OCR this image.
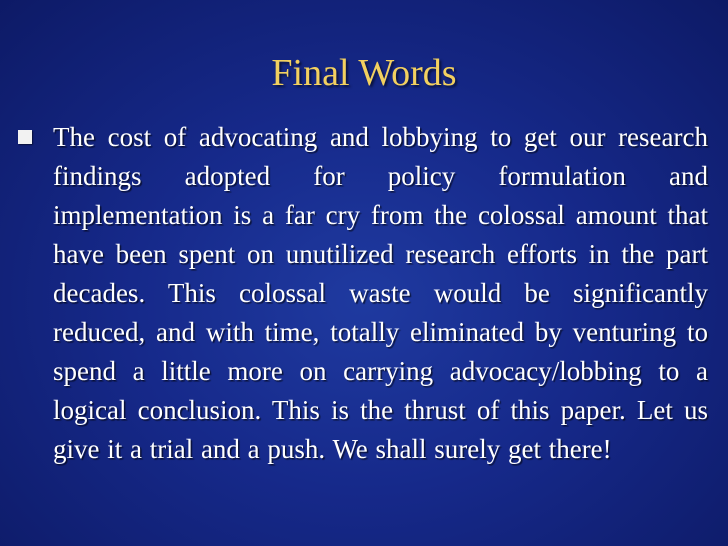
Final Words
The cost of advocating and lobbying to get our research findings adopted for policy formulation and implementation is a far cry from the colossal amount that have been spent on unutilized research efforts in the part decades. This colossal waste would be significantly reduced, and with time, totally eliminated by venturing to spend a little more on carrying advocacy/lobbing to a logical conclusion. This is the thrust of this paper. Let us give it a trial and a push. We shall surely get there!
